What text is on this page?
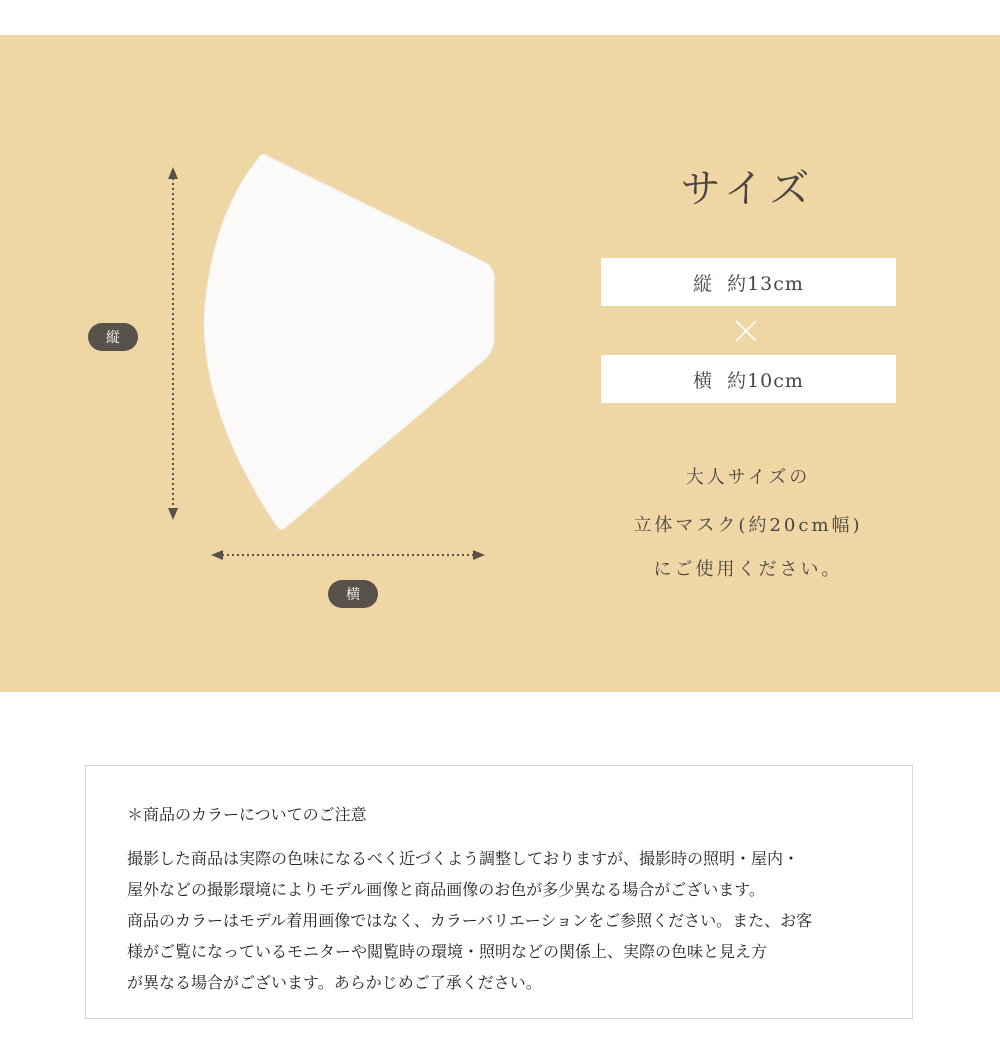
縦
横
サイズ
縦 約13cm
横 約10cm
大人サイズの
立体マスク(約20cm幅)
にご使用ください。
＊商品のカラーについてのご注意

撮影した商品は実際の色味になるべく近づくよう調整しておりますが、撮影時の照明・屋内・
屋外などの撮影環境によりモデル画像と商品画像のお色が多少異なる場合がございます。
商品のカラーはモデル着用画像ではなく、カラーバリエーションをご参照ください。また、お客
様がご覧になっているモニターや閲覧時の環境・照明などの関係上、実際の色味と見え方
が異なる場合がございます。あらかじめご了承ください。
